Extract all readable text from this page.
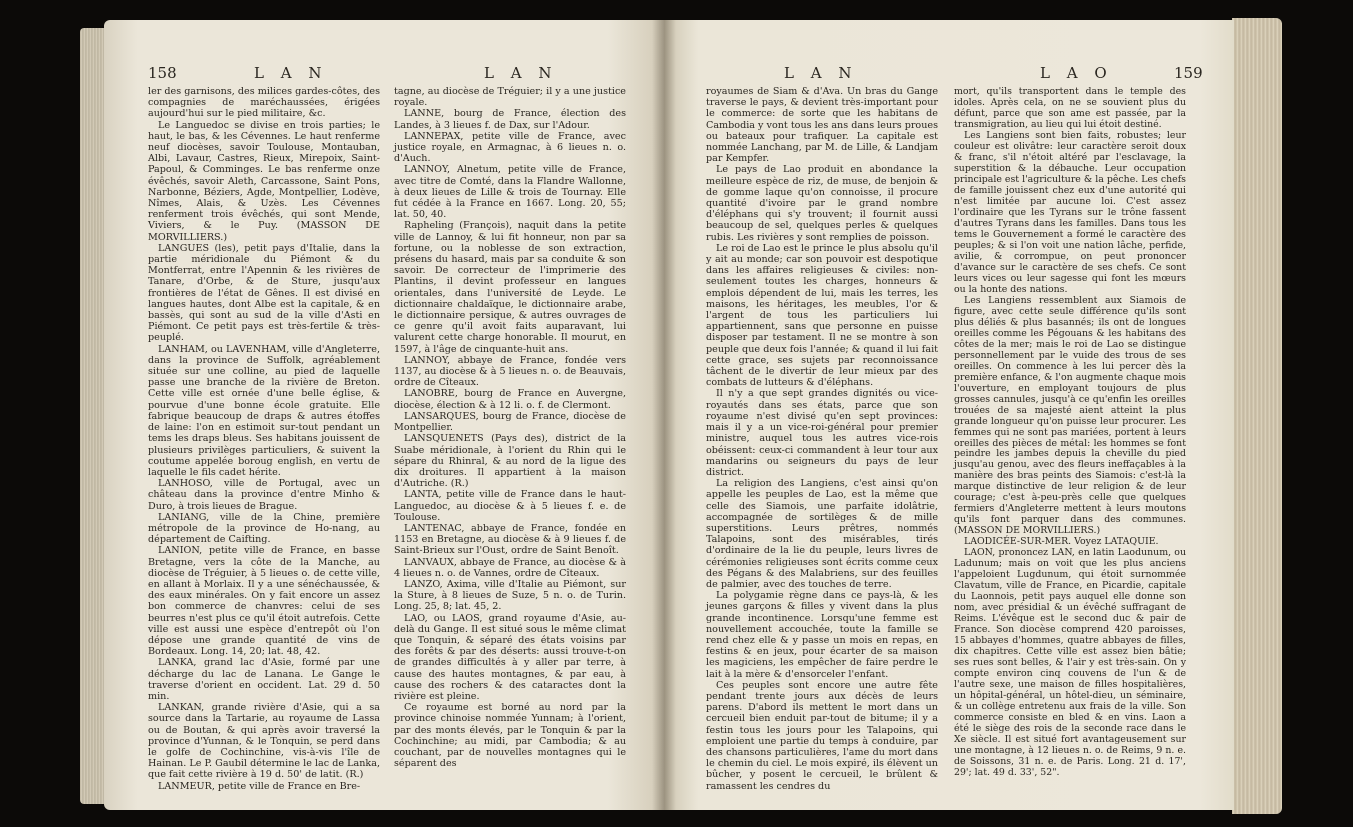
158	L A N	L A N

ler des garnisons, des milices gardes-côtes, des compagnies de maréchaussées, érigées aujourd'hui sur le pied militaire, &c.

Le Languedoc se divise en trois parties; le haut, le bas, & les Cévennes. Le haut renferme neuf diocèses, savoir Toulouse, Montauban, Albi, Lavaur, Castres, Rieux, Mirepoix, Saint-Papoul, & Comminges. Le bas renferme onze évêchés, savoir Aleth, Carcassone, Saint Pons, Narbonne, Béziers, Agde, Montpellier, Lodève, Nîmes, Alais, & Uzès. Les Cévennes renferment trois évêchés, qui sont Mende, Viviers, & le Puy. (MASSON DE MORVILLIERS.)

LANGUES (les), petit pays d'Italie, dans la partie méridionale du Piémont & du Montferrat, entre l'Apennin & les rivières de Tanare, d'Orbe, & de Sture, jusqu'aux frontières de l'état de Gênes. Il est divisé en langues hautes, dont Albe est la capitale, & en bassès, qui sont au sud de la ville d'Asti en Piémont. Ce petit pays est très-fertile & très-peuplé.

LANHAM, ou LAVENHAM, ville d'Angleterre, dans la province de Suffolk, agréablement située sur une colline, au pied de laquelle passe une branche de la rivière de Breton. Cette ville est ornée d'une belle église, & pourvue d'une bonne école gratuite. Elle fabrique beaucoup de draps & autres étoffes de laine: l'on en estimoit sur-tout pendant un tems les draps bleus. Ses habitans jouissent de plusieurs privilèges particuliers, & suivent la coutume appelée boroug english, en vertu de laquelle le fils cadet hérite.

LANHOSO, ville de Portugal, avec un château dans la province d'entre Minho & Duro, à trois lieues de Brague.

LANIANG, ville de la Chine, première métropole de la province de Ho-nang, au département de Caifting.

LANION, petite ville de France, en basse Bretagne, vers la côte de la Manche, au diocèse de Tréguier, à 5 lieues o. de cette ville, en allant à Morlaix. Il y a une sénéchaussée, & des eaux minérales. On y fait encore un assez bon commerce de chanvres: celui de ses beurres n'est plus ce qu'il étoit autrefois. Cette ville est aussi une espèce d'entrepôt où l'on dépose une grande quantité de vins de Bordeaux. Long. 14, 20; lat. 48, 42.

LANKA, grand lac d'Asie, formé par une décharge du lac de Lanana. Le Gange le traverse d'orient en occident. Lat. 29 d. 50 min.

LANKAN, grande rivière d'Asie, qui a sa source dans la Tartarie, au royaume de Lassa ou de Boutan, & qui après avoir traversé la province d'Yunnan, & le Tonquin, se perd dans le golfe de Cochinchine, vis-à-vis l'île de Hainan. Le P. Gaubil détermine le lac de Lanka, que fait cette rivière à 19 d. 50' de latit. (R.)

LANMEUR, petite ville de France en Bre-

tagne, au diocèse de Tréguier; il y a une justice royale.

LANNE, bourg de France, élection des Landes, à 3 lieues f. de Dax, sur l'Adour.

LANNEPAX, petite ville de France, avec justice royale, en Armagnac, à 6 lieues n. o. d'Auch.

LANNOY, Alnetum, petite ville de France, avec titre de Comté, dans la Flandre Wallonne, à deux lieues de Lille & trois de Tournay. Elle fut cédée à la France en 1667. Long. 20, 55; lat. 50, 40.

Rapheling (François), naquit dans la petite ville de Lannoy, & lui fit honneur, non par sa fortune, ou la noblesse de son extraction, présens du hasard, mais par sa conduite & son savoir. De correcteur de l'imprimerie des Plantins, il devint professeur en langues orientales, dans l'université de Leyde. Le dictionnaire chaldaïque, le dictionnaire arabe, le dictionnaire persique, & autres ouvrages de ce genre qu'il avoit faits auparavant, lui valurent cette charge honorable. Il mourut, en 1597, à l'âge de cinquante-huit ans.

LANNOY, abbaye de France, fondée vers 1137, au diocèse & à 5 lieues n. o. de Beauvais, ordre de Cîteaux.

LANOBRE, bourg de France en Auvergne, diocèse, élection & à 12 li. o. f. de Clermont.

LANSARQUES, bourg de France, diocèse de Montpellier.

LANSQUENETS (Pays des), district de la Suabe méridionale, à l'orient du Rhin qui le sépare du Rhinral, & au nord de la ligue des dix droitures. Il appartient à la maison d'Autriche. (R.)

LANTA, petite ville de France dans le haut-Languedoc, au diocèse & à 5 lieues f. e. de Toulouse.

LANTENAC, abbaye de France, fondée en 1153 en Bretagne, au diocèse & à 9 lieues f. de Saint-Brieux sur l'Oust, ordre de Saint Benoît.

LANVAUX, abbaye de France, au diocèse & à 4 lieues n. o. de Vannes, ordre de Cîteaux.

LANZO, Axima, ville d'Italie au Piémont, sur la Sture, à 8 lieues de Suze, 5 n. o. de Turin. Long. 25, 8; lat. 45, 2.

LAO, ou LAOS, grand royaume d'Asie, au-delà du Gange. Il est situé sous le même climat que Tonquin, & séparé des états voisins par des forêts & par des déserts: aussi trouve-t-on de grandes difficultés à y aller par terre, à cause des hautes montagnes, & par eau, à cause des rochers & des cataractes dont la rivière est pleine.

Ce royaume est borné au nord par la province chinoise nommée Yunnam; à l'orient, par des monts élevés, par le Tonquin & par la Cochinchine; au midi, par Cambodia; & au couchant, par de nouvelles montagnes qui le séparent des

L A N	L A O	159

royaumes de Siam & d'Ava. Un bras du Gange traverse le pays, & devient très-important pour le commerce: de sorte que les habitans de Cambodia y vont tous les ans dans leurs proues ou bateaux pour trafiquer. La capitale est nommée Lanchang, par M. de Lille, & Landjam par Kempfer.

Le pays de Lao produit en abondance la meilleure espèce de riz, de muse, de benjoin & de gomme laque qu'on connoisse, il procure quantité d'ivoire par le grand nombre d'éléphans qui s'y trouvent; il fournit aussi beaucoup de sel, quelques perles & quelques rubis. Les rivières y sont remplies de poisson.

Le roi de Lao est le prince le plus absolu qu'il y ait au monde; car son pouvoir est despotique dans les affaires religieuses & civiles: non-seulement toutes les charges, honneurs & emplois dépendent de lui, mais les terres, les maisons, les héritages, les meubles, l'or & l'argent de tous les particuliers lui appartiennent, sans que personne en puisse disposer par testament. Il ne se montre à son peuple que deux fois l'année; & quand il lui fait cette grace, ses sujets par reconnoissance tâchent de le divertir de leur mieux par des combats de lutteurs & d'éléphans.

Il n'y a que sept grandes dignités ou vice-royautés dans ses états, parce que son royaume n'est divisé qu'en sept provinces: mais il y a un vice-roi-général pour premier ministre, auquel tous les autres vice-rois obéissent: ceux-ci commandent à leur tour aux mandarins ou seigneurs du pays de leur district.

La religion des Langiens, c'est ainsi qu'on appelle les peuples de Lao, est la même que celle des Siamois, une parfaite idolâtrie, accompagnée de sortilèges & de mille superstitions. Leurs prêtres, nommés Talapoins, sont des misérables, tirés d'ordinaire de la lie du peuple, leurs livres de cérémonies religieuses sont écrits comme ceux des Pégans & des Malabriens, sur des feuilles de palmier, avec des touches de terre.

La polygamie règne dans ce pays-là, & les jeunes garçons & filles y vivent dans la plus grande incontinence. Lorsqu'une femme est nouvellement accouchée, toute la famille se rend chez elle & y passe un mois en repas, en festins & en jeux, pour écarter de sa maison les magiciens, les empêcher de faire perdre le lait à la mère & d'ensorceler l'enfant.

Ces peuples sont encore une autre fête pendant trente jours aux décès de leurs parens. D'abord ils mettent le mort dans un cercueil bien enduit par-tout de bitume; il y a festin tous les jours pour les Talapoins, qui emploient une partie du temps à conduire, par des chansons particulières, l'ame du mort dans le chemin du ciel. Le mois expiré, ils élèvent un bûcher, y posent le cercueil, le brûlent & ramassent les cendres du

mort, qu'ils transportent dans le temple des idoles. Après cela, on ne se souvient plus du défunt, parce que son ame est passée, par la transmigration, au lieu qui lui étoit destiné.

Les Langiens sont bien faits, robustes; leur couleur est olivâtre: leur caractère seroit doux & franc, s'il n'étoit altéré par l'esclavage, la superstition & la débauche. Leur occupation principale est l'agriculture & la pêche. Les chefs de famille jouissent chez eux d'une autorité qui n'est limitée par aucune loi. C'est assez l'ordinaire que les Tyrans sur le trône fassent d'autres Tyrans dans les familles. Dans tous les tems le Gouvernement a formé le caractère des peuples; & si l'on voit une nation lâche, perfide, avilie, & corrompue, on peut prononcer d'avance sur le caractère de ses chefs. Ce sont leurs vices ou leur sagesse qui font les mœurs ou la honte des nations.

Les Langiens ressemblent aux Siamois de figure, avec cette seule différence qu'ils sont plus déliés & plus basannés; ils ont de longues oreilles comme les Pégouans & les habitans des côtes de la mer; mais le roi de Lao se distingue personnellement par le vuide des trous de ses oreilles. On commence à les lui percer dès la première enfance, & l'on augmente chaque mois l'ouverture, en employant toujours de plus grosses cannules, jusqu'à ce qu'enfin les oreilles trouées de sa majesté aient atteint la plus grande longueur qu'on puisse leur procurer. Les femmes qui ne sont pas mariées, portent à leurs oreilles des pièces de métal: les hommes se font peindre les jambes depuis la cheville du pied jusqu'au genou, avec des fleurs ineffaçables à la manière des bras peints des Siamois: c'est-là la marque distinctive de leur religion & de leur courage; c'est à-peu-près celle que quelques fermiers d'Angleterre mettent à leurs moutons qu'ils font parquer dans des communes. (MASSON DE MORVILLIERS.)

LAODICÉE-SUR-MER. Voyez LATAQUIE.

LAON, prononcez LAN, en latin Laodunum, ou Ladunum; mais on voit que les plus anciens l'appeloient Lugdunum, qui étoit surnommée Clavatum, ville de France, en Picardie, capitale du Laonnois, petit pays auquel elle donne son nom, avec présidial & un évêché suffragant de Reims. L'évêque est le second duc & pair de France. Son diocèse comprend 420 paroisses, 15 abbayes d'hommes, quatre abbayes de filles, dix chapitres. Cette ville est assez bien bâtie; ses rues sont belles, & l'air y est très-sain. On y compte environ cinq couvens de l'un & de l'autre sexe, une maison de filles hospitalières, un hôpital-général, un hôtel-dieu, un séminaire, & un collège entretenu aux frais de la ville. Son commerce consiste en bled & en vins. Laon a été le siège des rois de la seconde race dans le Xe siècle. Il est situé fort avantageusement sur une montagne, à 12 lieues n. o. de Reims, 9 n. e. de Soissons, 31 n. e. de Paris. Long. 21 d. 17', 29'; lat. 49 d. 33', 52".
